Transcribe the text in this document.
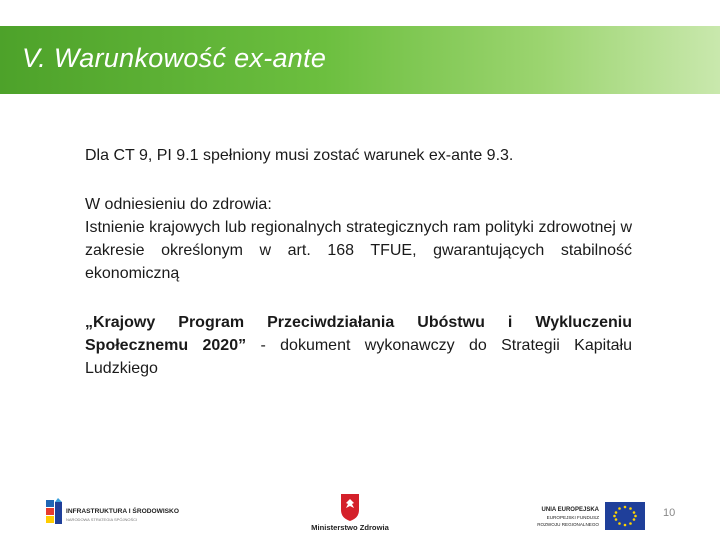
V. Warunkowość ex-ante

Dla CT 9, PI 9.1 spełniony musi zostać warunek ex-ante 9.3.

W odniesieniu do zdrowia:

Istnienie krajowych lub regionalnych strategicznych ram polityki zdrowotnej w zakresie określonym w art. 168 TFUE, gwarantujących stabilność ekonomiczną

„Krajowy Program Przeciwdziałania Ubóstwu i Wykluczeniu Społecznemu 2020” - dokument wykonawczy do Strategii Kapitału Ludzkiego

INFRASTRUKTURA I ŚRODOWISKO
NARODOWA STRATEGIA SPÓJNOŚCI
Ministerstwo Zdrowia
UNIA EUROPEJSKA
EUROPEJSKI FUNDUSZ
ROZWOJU REGIONALNEGO
10
